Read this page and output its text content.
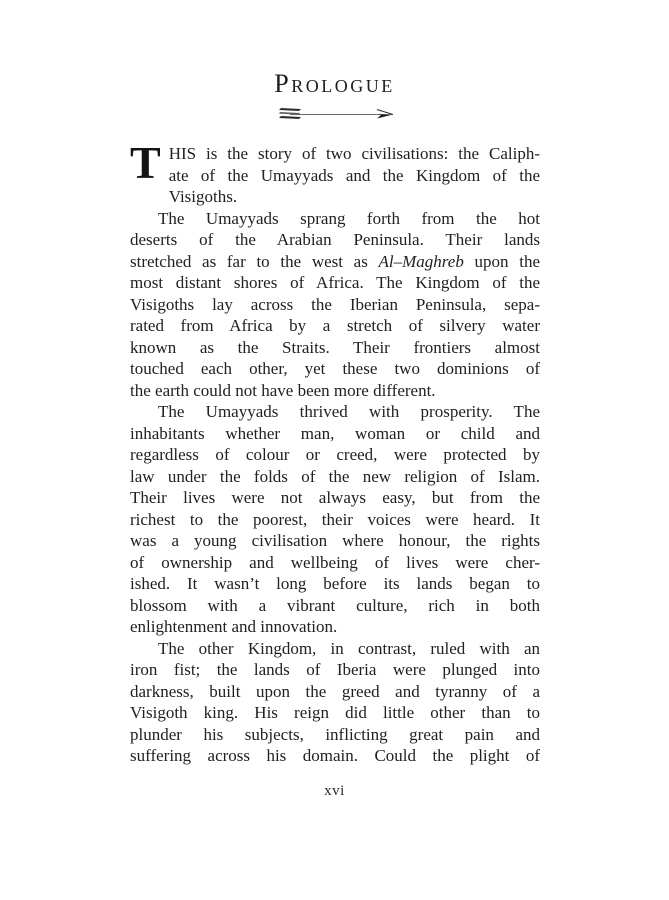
Prologue
T HIS is the story of two civilisations: the Caliph-
ate of the Umayyads and the Kingdom of the
Visigoths.
The Umayyads sprang forth from the hot
deserts of the Arabian Peninsula. Their lands
stretched as far to the west as Al–Maghreb upon the
most distant shores of Africa. The Kingdom of the
Visigoths lay across the Iberian Peninsula, sepa-
rated from Africa by a stretch of silvery water
known as the Straits. Their frontiers almost
touched each other, yet these two dominions of
the earth could not have been more different.
The Umayyads thrived with prosperity. The
inhabitants whether man, woman or child and
regardless of colour or creed, were protected by
law under the folds of the new religion of Islam.
Their lives were not always easy, but from the
richest to the poorest, their voices were heard. It
was a young civilisation where honour, the rights
of ownership and wellbeing of lives were cher-
ished. It wasn’t long before its lands began to
blossom with a vibrant culture, rich in both
enlightenment and innovation.
The other Kingdom, in contrast, ruled with an
iron fist; the lands of Iberia were plunged into
darkness, built upon the greed and tyranny of a
Visigoth king. His reign did little other than to
plunder his subjects, inflicting great pain and
suffering across his domain. Could the plight of
xvi
